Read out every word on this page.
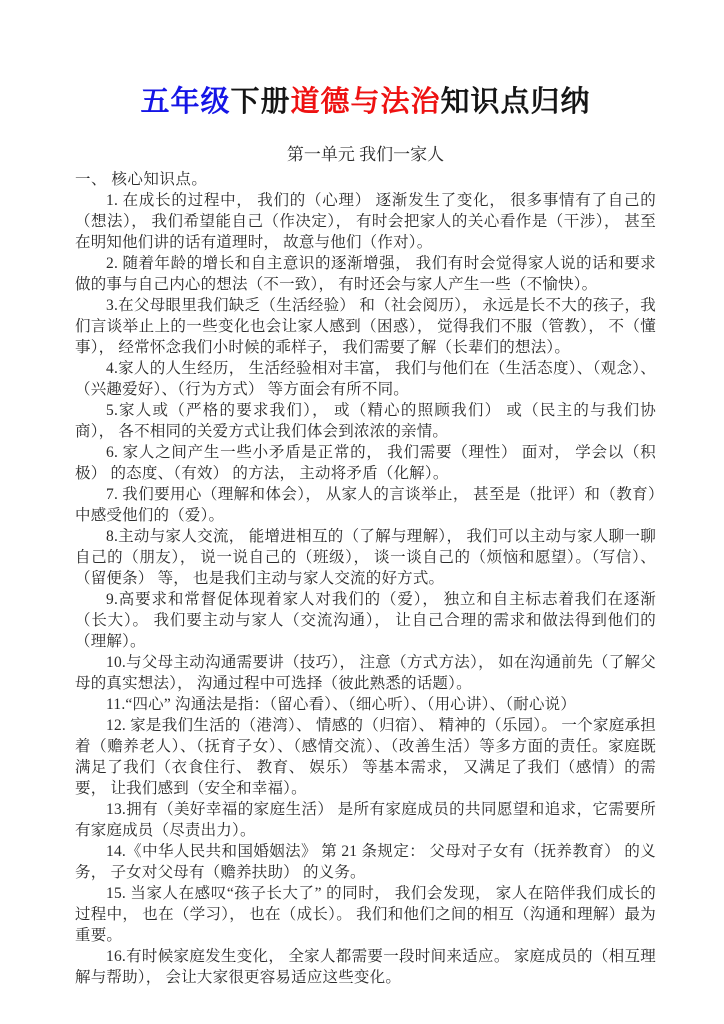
五年级下册道德与法治知识点归纳
第一单元 我们一家人
一、 核心知识点。

1. 在成长的过程中， 我们的（心理） 逐渐发生了变化， 很多事情有了自己的（想法）， 我们希望能自己（作决定）， 有时会把家人的关心看作是（干涉）， 甚至在明知他们讲的话有道理时， 故意与他们（作对）。

2. 随着年龄的增长和自主意识的逐渐增强， 我们有时会觉得家人说的话和要求做的事与自己内心的想法（不一致）， 有时还会与家人产生一些（不愉快）。

3.在父母眼里我们缺乏（生活经验） 和（社会阅历）， 永远是长不大的孩子，我们言谈举止上的一些变化也会让家人感到（困惑）， 觉得我们不服（管教）， 不（懂事）， 经常怀念我们小时候的乖样子， 我们需要了解（长辈们的想法）。

4.家人的人生经历， 生活经验相对丰富， 我们与他们在（生活态度）、（观念）、（兴趣爱好）、（行为方式） 等方面会有所不同。

5.家人或（严格的要求我们）， 或（精心的照顾我们） 或（民主的与我们协商）， 各不相同的关爱方式让我们体会到浓浓的亲情。

6. 家人之间产生一些小矛盾是正常的， 我们需要（理性） 面对， 学会以（积极） 的态度、（有效） 的方法， 主动将矛盾（化解）。

7. 我们要用心（理解和体会）， 从家人的言谈举止， 甚至是（批评）和（教育）中感受他们的（爱）。

8.主动与家人交流， 能增进相互的（了解与理解）， 我们可以主动与家人聊一聊自己的（朋友）， 说一说自己的（班级）， 谈一谈自己的（烦恼和愿望）。（写信）、（留便条） 等， 也是我们主动与家人交流的好方式。

9.高要求和常督促体现着家人对我们的（爱）， 独立和自主标志着我们在逐渐（长大）。 我们要主动与家人（交流沟通）， 让自己合理的需求和做法得到他们的（理解）。

10.与父母主动沟通需要讲（技巧）， 注意（方式方法）， 如在沟通前先（了解父母的真实想法）， 沟通过程中可选择（彼此熟悉的话题）。

11.“四心” 沟通法是指：（留心看）、（细心听）、（用心讲）、（耐心说）

12. 家是我们生活的（港湾）、 情感的（归宿）、 精神的（乐园）。 一个家庭承担着（赡养老人）、（抚育子女）、（感情交流）、（改善生活）等多方面的责任。家庭既满足了我们（衣食住行、 教育、 娱乐） 等基本需求， 又满足了我们（感情）的需要， 让我们感到（安全和幸福）。

13.拥有（美好幸福的家庭生活） 是所有家庭成员的共同愿望和追求，它需要所有家庭成员（尽责出力）。

14.《中华人民共和国婚姻法》 第 21 条规定： 父母对子女有（抚养教育） 的义务， 子女对父母有（赡养扶助） 的义务。

15. 当家人在感叹“孩子长大了” 的同时， 我们会发现， 家人在陪伴我们成长的过程中， 也在（学习）， 也在（成长）。 我们和他们之间的相互（沟通和理解）最为重要。

16.有时候家庭发生变化， 全家人都需要一段时间来适应。 家庭成员的（相互理解与帮助）， 会让大家很更容易适应这些变化。
